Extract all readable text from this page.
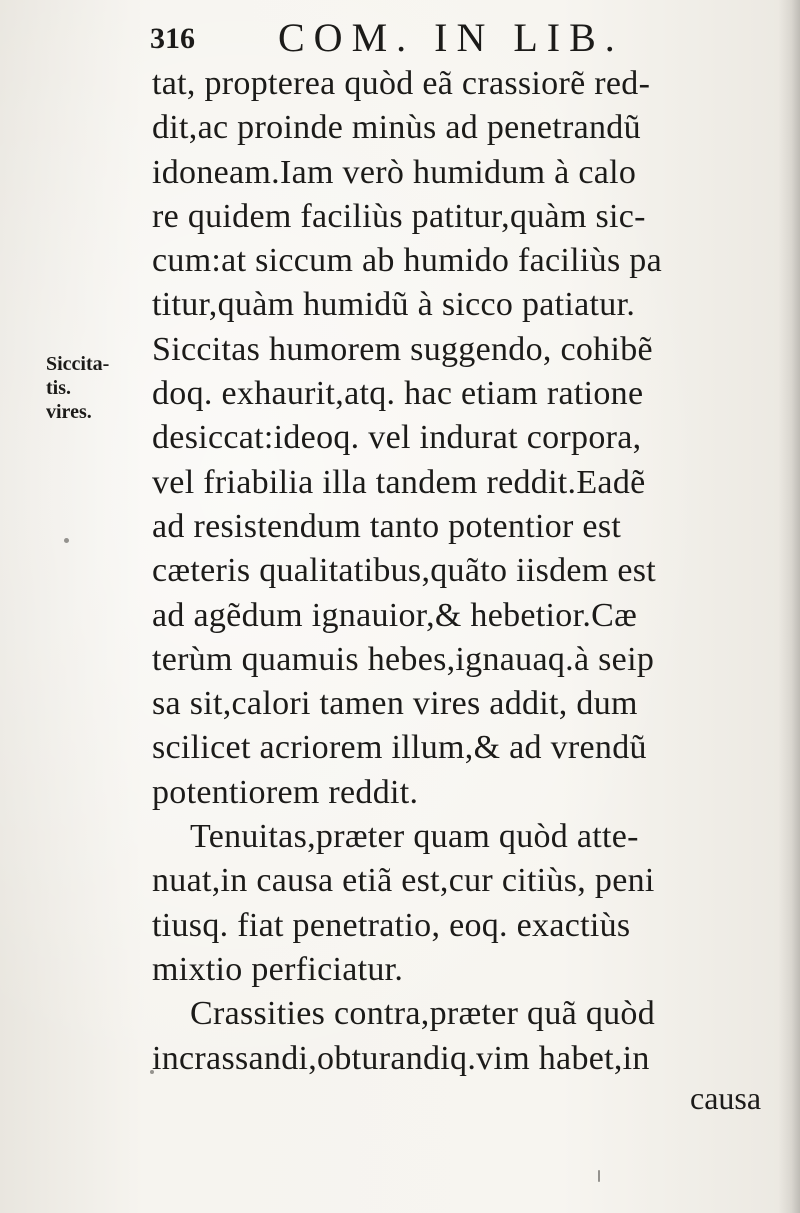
316 COM. IN LIB.
Siccita-
tis.
vires.
tat, propterea quòd eã crassiorẽ red-
dit,ac proinde minùs ad penetrandũ
idoneam.Iam verò humidum à calo
re quidem faciliùs patitur,quàm sic-
cum:at siccum ab humido faciliùs pa
titur,quàm humidũ à sicco patiatur.
Siccitas humorem suggendo, cohibẽ
doq. exhaurit,atq. hac etiam ratione
desiccat:ideoq. vel indurat corpora,
vel friabilia illa tandem reddit.Eadẽ
ad resistendum tanto potentior est
cæteris qualitatibus,quãto iisdem est
ad agẽdum ignauior,& hebetior.Cæ
terùm quamuis hebes,ignauaq.à seip
sa sit,calori tamen vires addit, dum
scilicet acriorem illum,& ad vrendũ
potentiorem reddit.
Tenuitas,præter quam quòd atte-
nuat,in causa etiã est,cur citiùs, peni
tiusq. fiat penetratio, eoq. exactiùs
mixtio perficiatur.
Crassities contra,præter quã quòd
incrassandi,obturandiq.vim habet,in
causa
